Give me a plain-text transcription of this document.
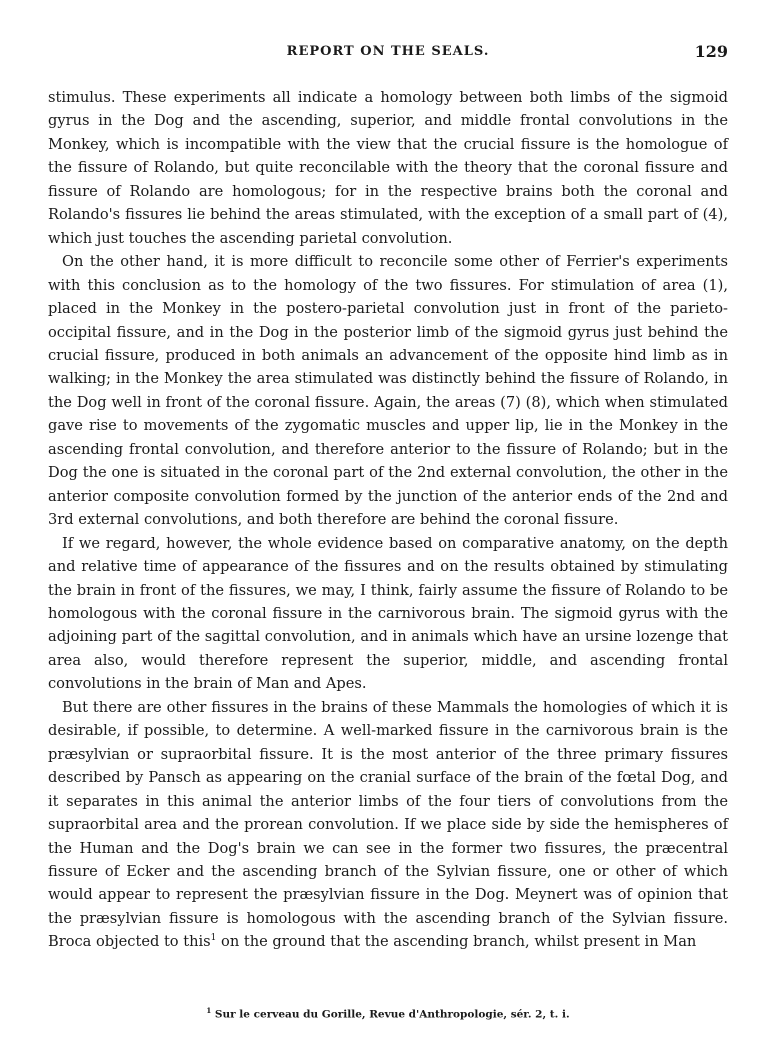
REPORT ON THE SEALS.	129

stimulus. These experiments all indicate a homology between both limbs of the sigmoid gyrus in the Dog and the ascending, superior, and middle frontal convolutions in the Monkey, which is incompatible with the view that the crucial fissure is the homologue of the fissure of Rolando, but quite reconcilable with the theory that the coronal fissure and fissure of Rolando are homologous; for in the respective brains both the coronal and Rolando's fissures lie behind the areas stimulated, with the exception of a small part of (4), which just touches the ascending parietal convolution.

On the other hand, it is more difficult to reconcile some other of Ferrier's experiments with this conclusion as to the homology of the two fissures. For stimulation of area (1), placed in the Monkey in the postero-parietal convolution just in front of the parieto-occipital fissure, and in the Dog in the posterior limb of the sigmoid gyrus just behind the crucial fissure, produced in both animals an advancement of the opposite hind limb as in walking; in the Monkey the area stimulated was distinctly behind the fissure of Rolando, in the Dog well in front of the coronal fissure. Again, the areas (7) (8), which when stimulated gave rise to movements of the zygomatic muscles and upper lip, lie in the Monkey in the ascending frontal convolution, and therefore anterior to the fissure of Rolando; but in the Dog the one is situated in the coronal part of the 2nd external convolution, the other in the anterior composite convolution formed by the junction of the anterior ends of the 2nd and 3rd external convolutions, and both therefore are behind the coronal fissure.

If we regard, however, the whole evidence based on comparative anatomy, on the depth and relative time of appearance of the fissures and on the results obtained by stimulating the brain in front of the fissures, we may, I think, fairly assume the fissure of Rolando to be homologous with the coronal fissure in the carnivorous brain. The sigmoid gyrus with the adjoining part of the sagittal convolution, and in animals which have an ursine lozenge that area also, would therefore represent the superior, middle, and ascending frontal convolutions in the brain of Man and Apes.

But there are other fissures in the brains of these Mammals the homologies of which it is desirable, if possible, to determine. A well-marked fissure in the carnivorous brain is the præsylvian or supraorbital fissure. It is the most anterior of the three primary fissures described by Pansch as appearing on the cranial surface of the brain of the fœtal Dog, and it separates in this animal the anterior limbs of the four tiers of convolutions from the supraorbital area and the prorean convolution. If we place side by side the hemispheres of the Human and the Dog's brain we can see in the former two fissures, the præcentral fissure of Ecker and the ascending branch of the Sylvian fissure, one or other of which would appear to represent the præsylvian fissure in the Dog. Meynert was of opinion that the præsylvian fissure is homologous with the ascending branch of the Sylvian fissure. Broca objected to this$^1$ on the ground that the ascending branch, whilst present in Man

$^1$ Sur le cerveau du Gorille, Revue d'Anthropologie, sér. 2, t. i.
